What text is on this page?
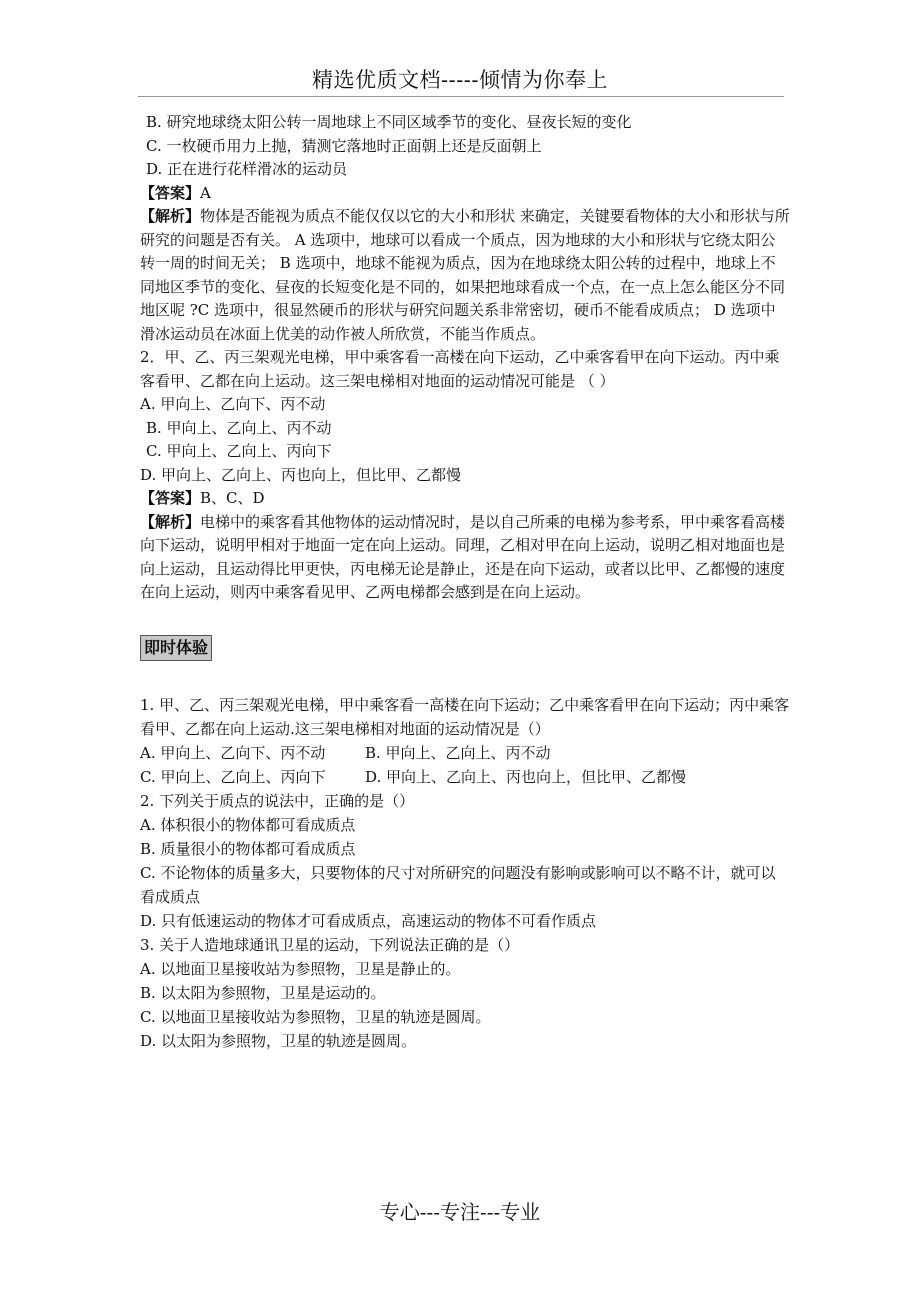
精选优质文档-----倾情为你奉上
B. 研究地球绕太阳公转一周地球上不同区域季节的变化、昼夜长短的变化
C. 一枚硬币用力上抛，猜测它落地时正面朝上还是反面朝上
D. 正在进行花样滑冰的运动员
【答案】A
【解析】物体是否能视为质点不能仅仅以它的大小和形状 来确定，关键要看物体的大小和形状与所研究的问题是否有关。 A 选项中，地球可以看成一个质点，因为地球的大小和形状与它绕太阳公转一周的时间无关； B 选项中，地球不能视为质点，因为在地球绕太阳公转的过程中，地球上不同地区季节的变化、昼夜的长短变化是不同的，如果把地球看成一个点，在一点上怎么能区分不同地区呢 ?C 选项中，很显然硬币的形状与研究问题关系非常密切，硬币不能看成质点； D 选项中滑冰运动员在冰面上优美的动作被人所欣赏，不能当作质点。
2．甲、乙、丙三架观光电梯，甲中乘客看一高楼在向下运动，乙中乘客看甲在向下运动。丙中乘客看甲、乙都在向上运动。这三架电梯相对地面的运动情况可能是 （ ）
A. 甲向上、乙向下、丙不动
B. 甲向上、乙向上、丙不动
C. 甲向上、乙向上、丙向下
D. 甲向上、乙向上、丙也向上，但比甲、乙都慢
【答案】B、C、D
【解析】电梯中的乘客看其他物体的运动情况时，是以自己所乘的电梯为参考系，甲中乘客看高楼向下运动，说明甲相对于地面一定在向上运动。同理，乙相对甲在向上运动，说明乙相对地面也是向上运动，且运动得比甲更快，丙电梯无论是静止，还是在向下运动，或者以比甲、乙都慢的速度在向上运动，则丙中乘客看见甲、乙两电梯都会感到是在向上运动。
即时体验
1. 甲、乙、丙三架观光电梯，甲中乘客看一高楼在向下运动；乙中乘客看甲在向下运动；丙中乘客看甲、乙都在向上运动.这三架电梯相对地面的运动情况是（）
A. 甲向上、乙向下、丙不动	B. 甲向上、乙向上、丙不动
C. 甲向上、乙向上、丙向下	D. 甲向上、乙向上、丙也向上，但比甲、乙都慢
2. 下列关于质点的说法中，正确的是（）
A. 体积很小的物体都可看成质点
B. 质量很小的物体都可看成质点
C. 不论物体的质量多大，只要物体的尺寸对所研究的问题没有影响或影响可以不略不计，就可以看成质点
D. 只有低速运动的物体才可看成质点，高速运动的物体不可看作质点
3. 关于人造地球通讯卫星的运动，下列说法正确的是（）
A. 以地面卫星接收站为参照物，卫星是静止的。
B. 以太阳为参照物，卫星是运动的。
C. 以地面卫星接收站为参照物，卫星的轨迹是圆周。
D. 以太阳为参照物，卫星的轨迹是圆周。
专心---专注---专业
